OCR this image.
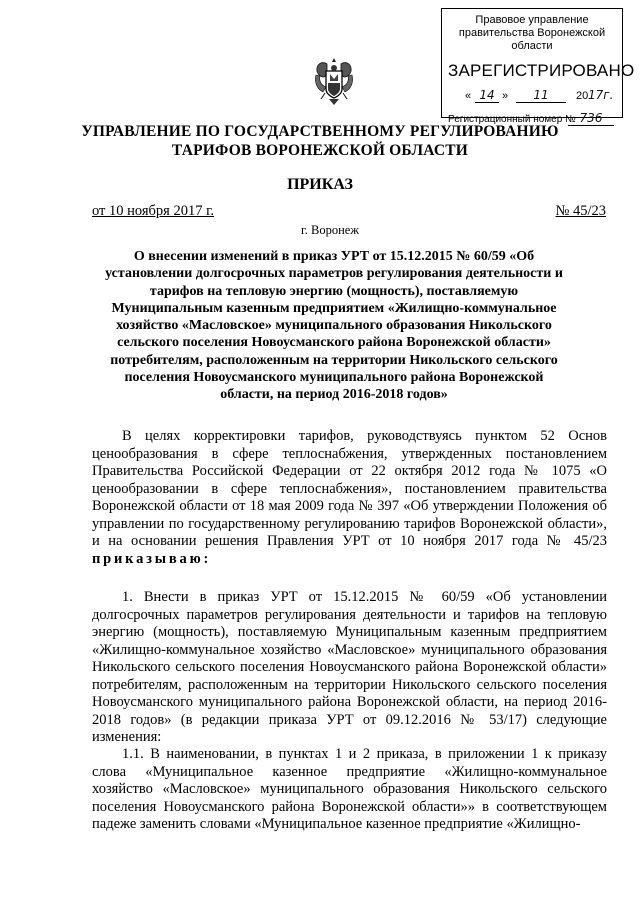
Правовое управление правительства Воронежской области
ЗАРЕГИСТРИРОВАНО
« 14 »	11	20 17г.
Регистрационный номер № 736
УПРАВЛЕНИЕ ПО ГОСУДАРСТВЕННОМУ РЕГУЛИРОВАНИЮ
ТАРИФОВ ВОРОНЕЖСКОЙ ОБЛАСТИ
ПРИКАЗ
от 10 ноября 2017 г.	№ 45/23
г. Воронеж
О внесении изменений в приказ УРТ от 15.12.2015 № 60/59 «Об установлении долгосрочных параметров регулирования деятельности и тарифов на тепловую энергию (мощность), поставляемую Муниципальным казенным предприятием «Жилищно-коммунальное хозяйство «Масловское» муниципального образования Никольского сельского поселения Новоусманского района Воронежской области» потребителям, расположенным на территории Никольского сельского поселения Новоусманского муниципального района Воронежской области, на период 2016-2018 годов»
В целях корректировки тарифов, руководствуясь пунктом 52 Основ ценообразования в сфере теплоснабжения, утвержденных постановлением Правительства Российской Федерации от 22 октября 2012 года № 1075 «О ценообразовании в сфере теплоснабжения», постановлением правительства Воронежской области от 18 мая 2009 года № 397 «Об утверждении Положения об управлении по государственному регулированию тарифов Воронежской области», и на основании решения Правления УРТ от 10 ноября 2017 года № 45/23 приказываю:
1. Внести в приказ УРТ от 15.12.2015 № 60/59 «Об установлении долгосрочных параметров регулирования деятельности и тарифов на тепловую энергию (мощность), поставляемую Муниципальным казенным предприятием «Жилищно-коммунальное хозяйство «Масловское» муниципального образования Никольского сельского поселения Новоусманского района Воронежской области» потребителям, расположенным на территории Никольского сельского поселения Новоусманского муниципального района Воронежской области, на период 2016-2018 годов» (в редакции приказа УРТ от 09.12.2016 № 53/17) следующие изменения:
1.1. В наименовании, в пунктах 1 и 2 приказа, в приложении 1 к приказу слова «Муниципальное казенное предприятие «Жилищно-коммунальное хозяйство «Масловское» муниципального образования Никольского сельского поселения Новоусманского района Воронежской области»» в соответствующем падеже заменить словами «Муниципальное казенное предприятие «Жилищно-
